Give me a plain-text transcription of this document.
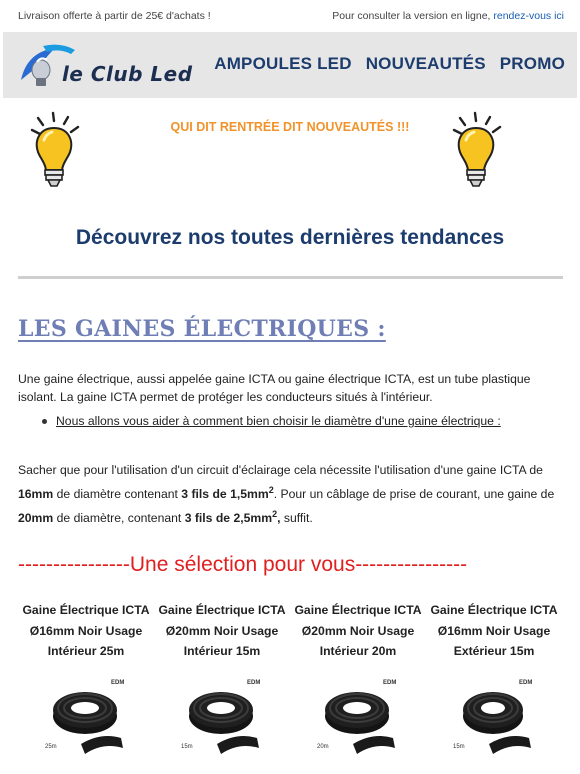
Livraison offerte à partir de 25€ d'achats !	Pour consulter la version en ligne, rendez-vous ici
le Club Led AMPOULES LED NOUVEAUTÉS PROMO
QUI DIT RENTRÉE DIT NOUVEAUTÉS !!!
Découvrez nos toutes dernières tendances
LES GAINES ÉLECTRIQUES :

Une gaine électrique, aussi appelée gaine ICTA ou gaine électrique ICTA, est un tube plastique isolant. La gaine ICTA permet de protéger les conducteurs situés à l'intérieur.

Nous allons vous aider à comment bien choisir le diamètre d'une gaine électrique :

Sacher que pour l'utilisation d'un circuit d'éclairage cela nécessite l'utilisation d'une gaine ICTA de 16mm de diamètre contenant 3 fils de $1,5mm^2$. Pour un câblage de prise de courant, une gaine de 20mm de diamètre, contenant 3 fils de $2,5mm^2$, suffit.

----------------Une sélection pour vous----------------
Gaine Électrique ICTA Ø16mm Noir Usage Intérieur 25m
EDM
25m
Gaine Électrique ICTA Ø20mm Noir Usage Intérieur 15m
EDM
15m
Gaine Électrique ICTA Ø20mm Noir Usage Intérieur 20m
EDM
20m
Gaine Électrique ICTA Ø16mm Noir Usage Extérieur 15m
EDM
15m
